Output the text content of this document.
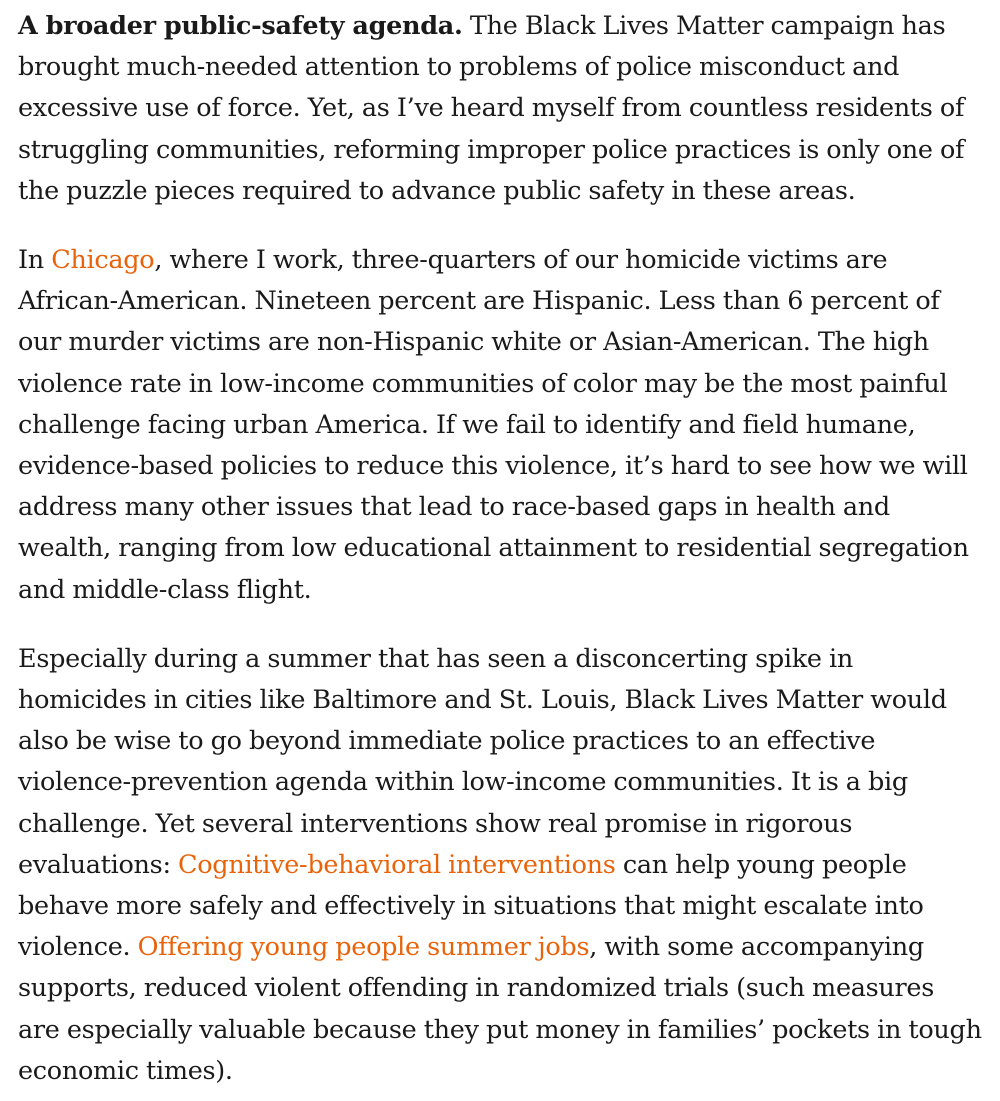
A broader public-safety agenda. The Black Lives Matter campaign has brought much-needed attention to problems of police misconduct and excessive use of force. Yet, as I’ve heard myself from countless residents of struggling communities, reforming improper police practices is only one of the puzzle pieces required to advance public safety in these areas.

In Chicago, where I work, three-quarters of our homicide victims are African-American. Nineteen percent are Hispanic. Less than 6 percent of our murder victims are non-Hispanic white or Asian-American. The high violence rate in low-income communities of color may be the most painful challenge facing urban America. If we fail to identify and field humane, evidence-based policies to reduce this violence, it’s hard to see how we will address many other issues that lead to race-based gaps in health and wealth, ranging from low educational attainment to residential segregation and middle-class flight.

Especially during a summer that has seen a disconcerting spike in homicides in cities like Baltimore and St. Louis, Black Lives Matter would also be wise to go beyond immediate police practices to an effective violence-prevention agenda within low-income communities. It is a big challenge. Yet several interventions show real promise in rigorous evaluations: Cognitive-behavioral interventions can help young people behave more safely and effectively in situations that might escalate into violence. Offering young people summer jobs, with some accompanying supports, reduced violent offending in randomized trials (such measures are especially valuable because they put money in families’ pockets in tough economic times).
